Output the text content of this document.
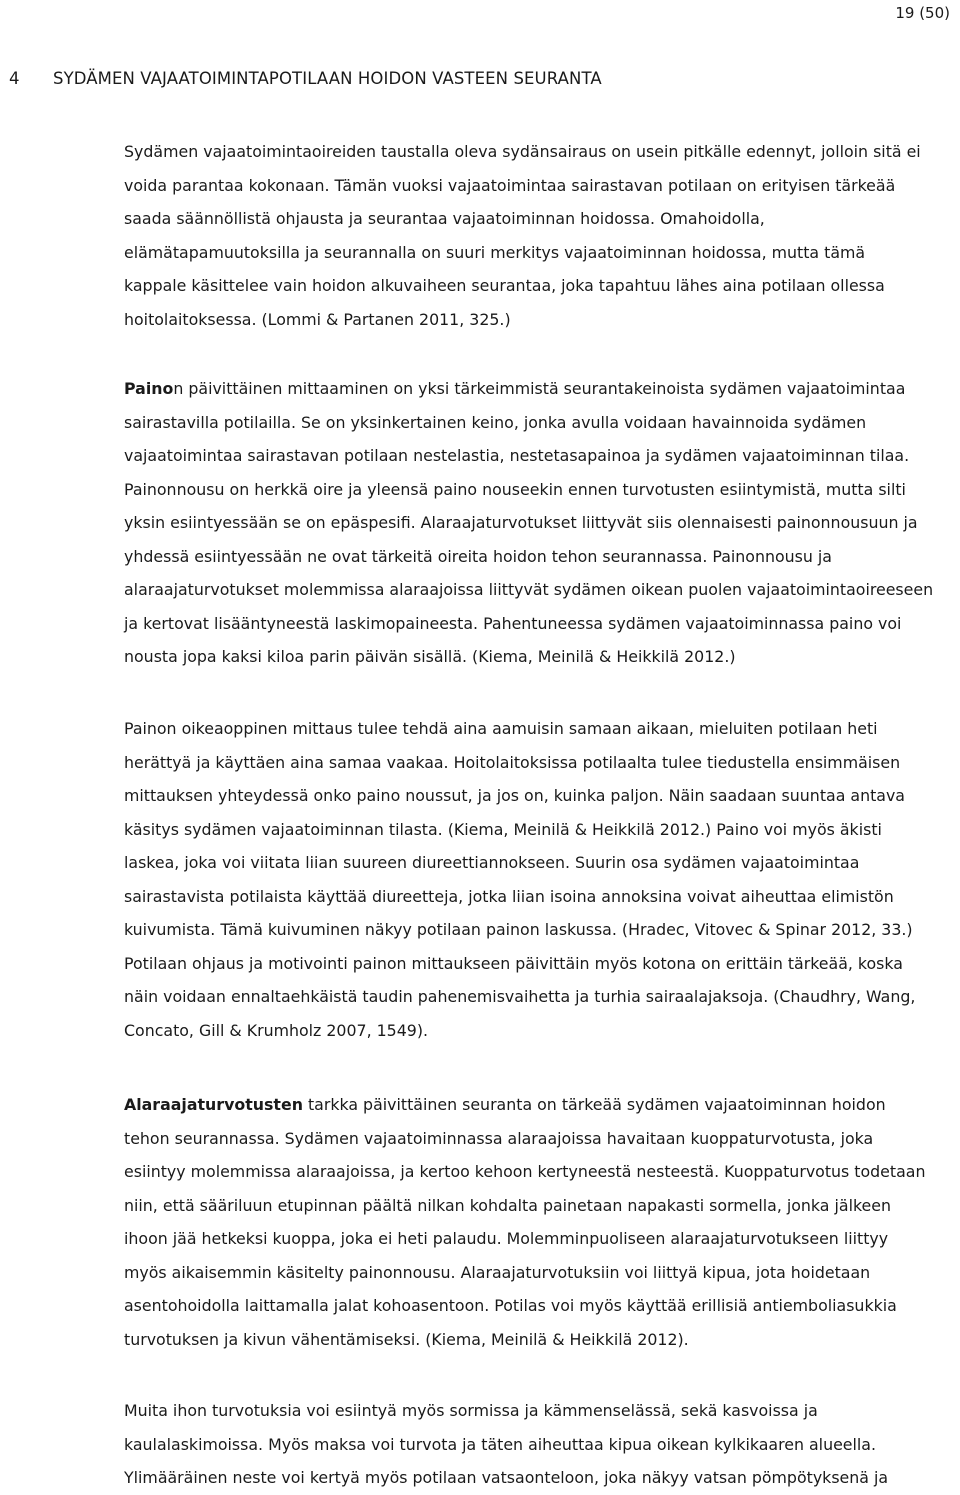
19 (50)
4 SYDÄMEN VAJAATOIMINTAPOTILAAN HOIDON VASTEEN SEURANTA
Sydämen vajaatoimintaoireiden taustalla oleva sydänsairaus on usein pitkälle edennyt, jolloin sitä ei
voida parantaa kokonaan. Tämän vuoksi vajaatoimintaa sairastavan potilaan on erityisen tärkeää
saada säännöllistä ohjausta ja seurantaa vajaatoiminnan hoidossa. Omahoidolla,
elämätapamuutoksilla ja seurannalla on suuri merkitys vajaatoiminnan hoidossa, mutta tämä
kappale käsittelee vain hoidon alkuvaiheen seurantaa, joka tapahtuu lähes aina potilaan ollessa
hoitolaitoksessa. (Lommi & Partanen 2011, 325.)
Painon päivittäinen mittaaminen on yksi tärkeimmistä seurantakeinoista sydämen vajaatoimintaa
sairastavilla potilailla. Se on yksinkertainen keino, jonka avulla voidaan havainnoida sydämen
vajaatoimintaa sairastavan potilaan nestelastia, nestetasapainoa ja sydämen vajaatoiminnan tilaa.
Painonnousu on herkkä oire ja yleensä paino nouseekin ennen turvotusten esiintymistä, mutta silti
yksin esiintyessään se on epäspesifi. Alaraajaturvotukset liittyvät siis olennaisesti painonnousuun ja
yhdessä esiintyessään ne ovat tärkeitä oireita hoidon tehon seurannassa. Painonnousu ja
alaraajaturvotukset molemmissa alaraajoissa liittyvät sydämen oikean puolen vajaatoimintaoireeseen
ja kertovat lisääntyneestä laskimopaineesta. Pahentuneessa sydämen vajaatoiminnassa paino voi
nousta jopa kaksi kiloa parin päivän sisällä. (Kiema, Meinilä & Heikkilä 2012.)
Painon oikeaoppinen mittaus tulee tehdä aina aamuisin samaan aikaan, mieluiten potilaan heti
herättyä ja käyttäen aina samaa vaakaa. Hoitolaitoksissa potilaalta tulee tiedustella ensimmäisen
mittauksen yhteydessä onko paino noussut, ja jos on, kuinka paljon. Näin saadaan suuntaa antava
käsitys sydämen vajaatoiminnan tilasta. (Kiema, Meinilä & Heikkilä 2012.) Paino voi myös äkisti
laskea, joka voi viitata liian suureen diureettiannokseen. Suurin osa sydämen vajaatoimintaa
sairastavista potilaista käyttää diureetteja, jotka liian isoina annoksina voivat aiheuttaa elimistön
kuivumista. Tämä kuivuminen näkyy potilaan painon laskussa. (Hradec, Vitovec & Spinar 2012, 33.)
Potilaan ohjaus ja motivointi painon mittaukseen päivittäin myös kotona on erittäin tärkeää, koska
näin voidaan ennaltaehkäistä taudin pahenemisvaihetta ja turhia sairaalajaksoja. (Chaudhry, Wang,
Concato, Gill & Krumholz 2007, 1549).
Alaraajaturvotusten tarkka päivittäinen seuranta on tärkeää sydämen vajaatoiminnan hoidon
tehon seurannassa. Sydämen vajaatoiminnassa alaraajoissa havaitaan kuoppaturvotusta, joka
esiintyy molemmissa alaraajoissa, ja kertoo kehoon kertyneestä nesteestä. Kuoppaturvotus todetaan
niin, että sääriluun etupinnan päältä nilkan kohdalta painetaan napakasti sormella, jonka jälkeen
ihoon jää hetkeksi kuoppa, joka ei heti palaudu. Molemminpuoliseen alaraajaturvotukseen liittyy
myös aikaisemmin käsitelty painonnousu. Alaraajaturvotuksiin voi liittyä kipua, jota hoidetaan
asentohoidolla laittamalla jalat kohoasentoon. Potilas voi myös käyttää erillisiä antiemboliasukkia
turvotuksen ja kivun vähentämiseksi. (Kiema, Meinilä & Heikkilä 2012).
Muita ihon turvotuksia voi esiintyä myös sormissa ja kämmenselässä, sekä kasvoissa ja
kaulalaskimoissa. Myös maksa voi turvota ja täten aiheuttaa kipua oikean kylkikaaren alueella.
Ylimääräinen neste voi kertyä myös potilaan vatsaonteloon, joka näkyy vatsan pömpötyksenä ja
